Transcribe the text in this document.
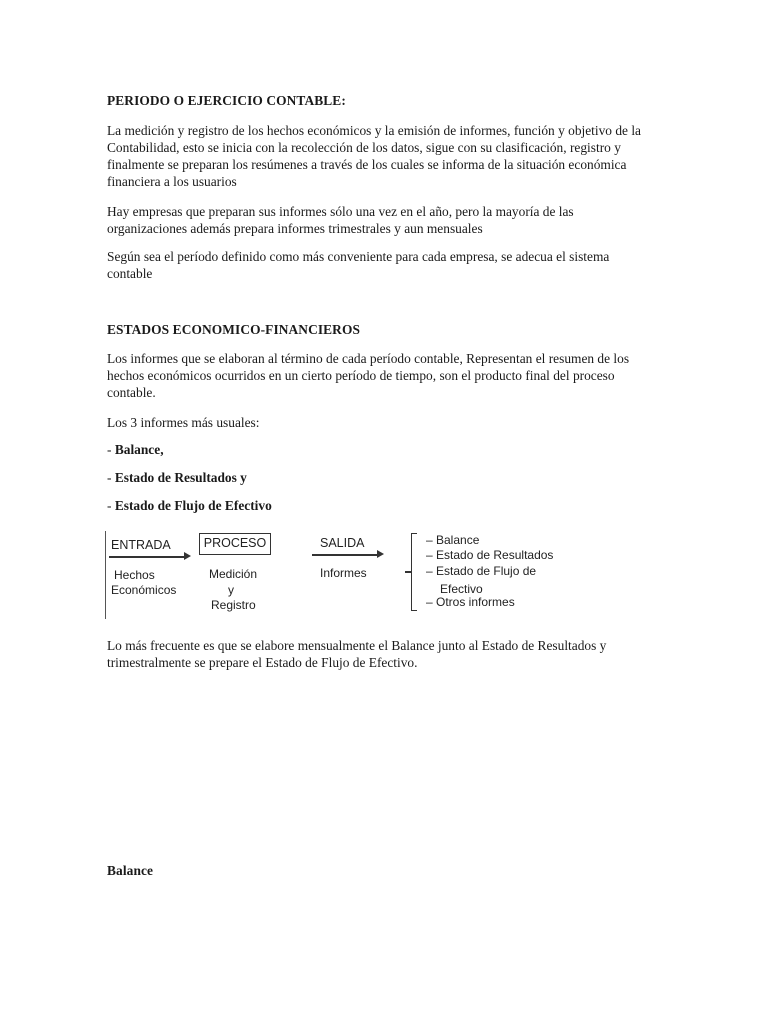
PERIODO O EJERCICIO CONTABLE:

La medición y registro de los hechos económicos y la emisión de informes, función y objetivo de la
Contabilidad, esto se inicia con la recolección de los datos, sigue con su clasificación, registro y
finalmente se preparan los resúmenes a través de los cuales se informa de la situación económica
financiera a los usuarios
Hay empresas que preparan sus informes sólo una vez en el año, pero la mayoría de las
organizaciones además prepara informes trimestrales y aun mensuales
Según sea el período definido como más conveniente para cada empresa, se adecua el sistema
contable

ESTADOS ECONOMICO-FINANCIEROS

Los informes que se elaboran al término de cada período contable, Representan el resumen de los
hechos económicos ocurridos en un cierto período de tiempo, son el producto final del proceso
contable.

Los 3 informes más usuales:

- Balance,

- Estado de Resultados y

- Estado de Flujo de Efectivo

ENTRADA	PROCESO	SALIDA
Hechos
Económicos
Medición
y
Registro
Informes
– Balance
– Estado de Resultados
– Estado de Flujo de
Efectivo
– Otros informes
Lo más frecuente es que se elabore mensualmente el Balance junto al Estado de Resultados y
trimestralmente se prepare el Estado de Flujo de Efectivo.

Balance
